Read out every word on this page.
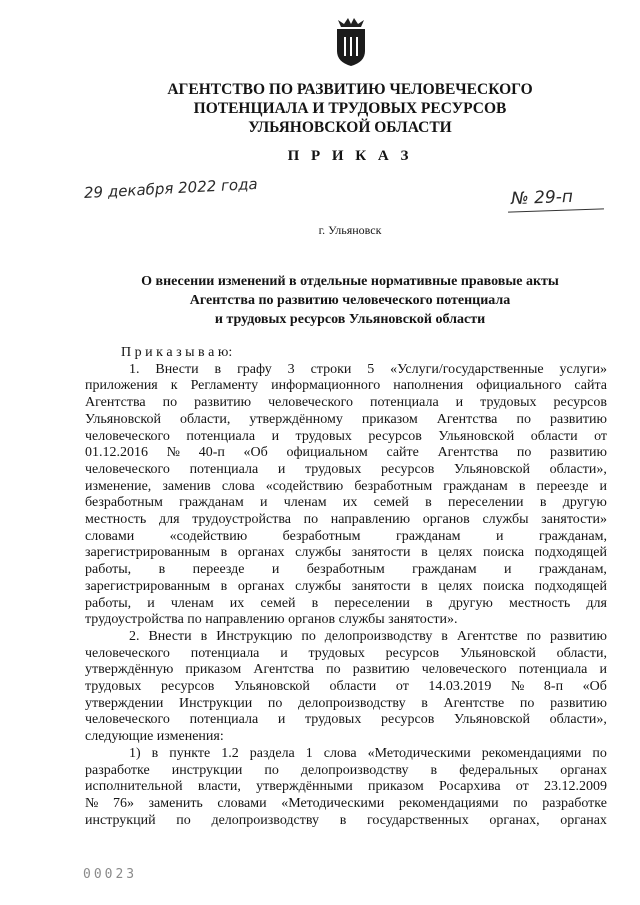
АГЕНТСТВО ПО РАЗВИТИЮ ЧЕЛОВЕЧЕСКОГО
ПОТЕНЦИАЛА И ТРУДОВЫХ РЕСУРСОВ
УЛЬЯНОВСКОЙ ОБЛАСТИ
П Р И К А З
29 декабря 2022 года	№ 29-п
г. Ульяновск
О внесении изменений в отдельные нормативные правовые акты
Агентства по развитию человеческого потенциала
и трудовых ресурсов Ульяновской области
П р и к а з ы в а ю:
1. Внести в графу 3 строки 5 «Услуги/государственные услуги»
приложения к Регламенту информационного наполнения официального сайта
Агентства по развитию человеческого потенциала и трудовых ресурсов
Ульяновской области, утверждённому приказом Агентства по развитию
человеческого потенциала и трудовых ресурсов Ульяновской области от
01.12.2016 № 40-п «Об официальном сайте Агентства по развитию
человеческого потенциала и трудовых ресурсов Ульяновской области»,
изменение, заменив слова «содействию безработным гражданам в переезде и
безработным гражданам и членам их семей в переселении в другую
местность для трудоустройства по направлению органов службы занятости»
словами	«содействию	безработным	гражданам	и	гражданам,
зарегистрированным в органах службы занятости в целях поиска подходящей
работы, в переезде и безработным гражданам и гражданам,
зарегистрированным в органах службы занятости в целях поиска подходящей
работы, и членам их семей в переселении в другую местность для
трудоустройства по направлению органов службы занятости».
2. Внести в Инструкцию по делопроизводству в Агентстве по развитию
человеческого потенциала и трудовых ресурсов Ульяновской области,
утверждённую приказом Агентства по развитию человеческого потенциала и
трудовых ресурсов Ульяновской области от 14.03.2019 № 8-п «Об
утверждении Инструкции по делопроизводству в Агентстве по развитию
человеческого потенциала и трудовых ресурсов Ульяновской области»,
следующие изменения:
1) в пункте 1.2 раздела 1 слова «Методическими рекомендациями по
разработке инструкции по делопроизводству в федеральных органах
исполнительной власти, утверждёнными приказом Росархива от 23.12.2009
№ 76» заменить словами «Методическими рекомендациями по разработке
инструкций по делопроизводству в государственных органах, органах
00023
